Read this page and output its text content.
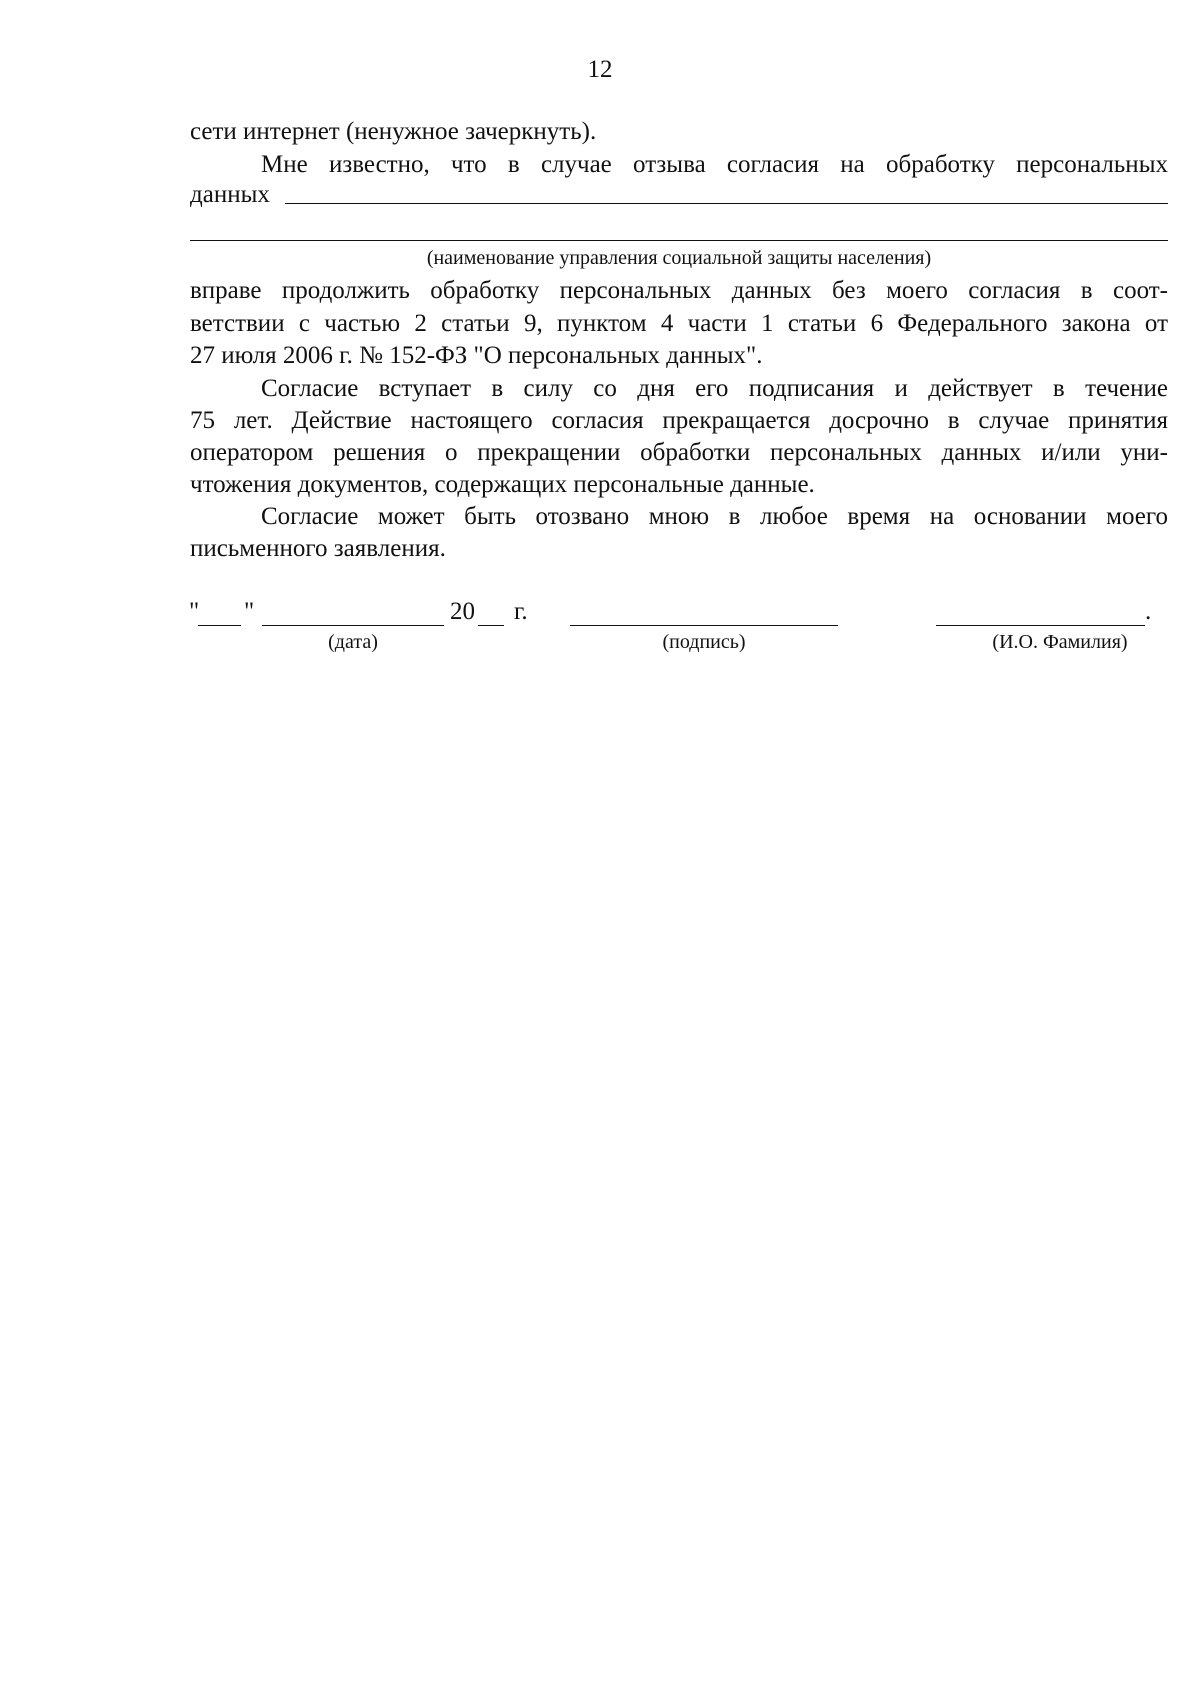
12
сети интернет (ненужное зачеркнуть).
Мне известно, что в случае отзыва согласия на обработку персональных
данных
(наименование управления социальной защиты населения)
вправе продолжить обработку персональных данных без моего согласия в соот-
ветствии с частью 2 статьи 9, пунктом 4 части 1 статьи 6 Федерального закона от
27 июля 2006 г. № 152-ФЗ "О персональных данных".
Согласие вступает в силу со дня его подписания и действует в течение
75 лет. Действие настоящего согласия прекращается досрочно в случае принятия
оператором решения о прекращении обработки персональных данных и/или уни-
чтожения документов, содержащих персональные данные.
Согласие может быть отозвано мною в любое время на основании моего
письменного заявления.
" "	20 г.	.
(дата)	(подпись)	(И.О. Фамилия)
